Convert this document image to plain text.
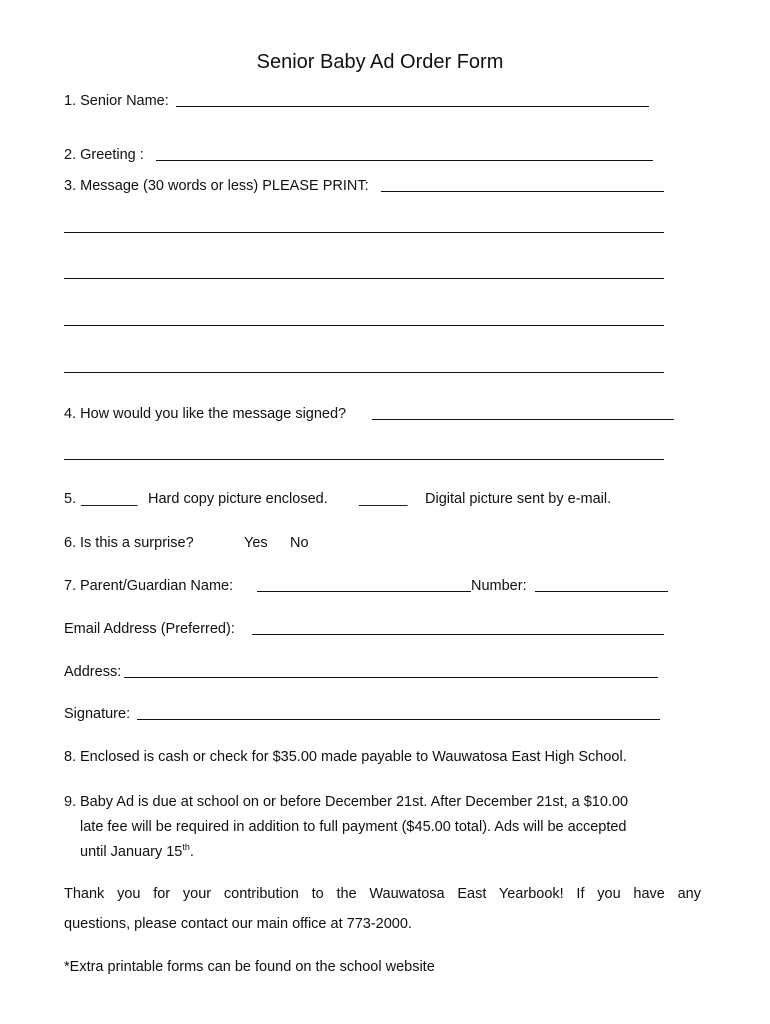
Senior Baby Ad Order Form
1. Senior Name:
2. Greeting :
3. Message (30 words or less) PLEASE PRINT:
4. How would you like the message signed?
5. _______ Hard copy picture enclosed. ______ Digital picture sent by e-mail.
6. Is this a surprise?	Yes No
7. Parent/Guardian Name:	Number:
Email Address (Preferred):
Address:
Signature:
8. Enclosed is cash or check for $35.00 made payable to Wauwatosa East High School.
9. Baby Ad is due at school on or before December 21st. After December 21st, a $10.00
late fee will be required in addition to full payment ($45.00 total). Ads will be accepted
until January 15th.
Thank you for your contribution to the Wauwatosa East Yearbook! If you have any
questions, please contact our main office at 773-2000.
*Extra printable forms can be found on the school website
